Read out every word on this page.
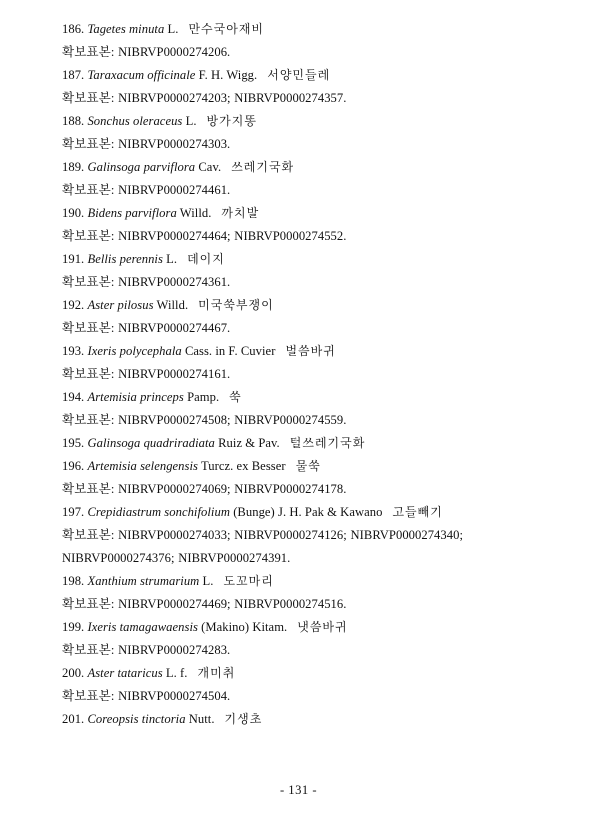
186. Tagetes minuta L. 만수국아재비
확보표본: NIBRVP0000274206.
187. Taraxacum officinale F. H. Wigg. 서양민들레
확보표본: NIBRVP0000274203; NIBRVP0000274357.
188. Sonchus oleraceus L. 방가지똥
확보표본: NIBRVP0000274303.
189. Galinsoga parviflora Cav. 쓰레기국화
확보표본: NIBRVP0000274461.
190. Bidens parviflora Willd. 까치발
확보표본: NIBRVP0000274464; NIBRVP0000274552.
191. Bellis perennis L. 데이지
확보표본: NIBRVP0000274361.
192. Aster pilosus Willd. 미국쑥부쟁이
확보표본: NIBRVP0000274467.
193. Ixeris polycephala Cass. in F. Cuvier 벌씀바귀
확보표본: NIBRVP0000274161.
194. Artemisia princeps Pamp. 쑥
확보표본: NIBRVP0000274508; NIBRVP0000274559.
195. Galinsoga quadriradiata Ruiz & Pav. 털쓰레기국화
196. Artemisia selengensis Turcz. ex Besser 물쑥
확보표본: NIBRVP0000274069; NIBRVP0000274178.
197. Crepidiastrum sonchifolium (Bunge) J. H. Pak & Kawano 고들빼기
확보표본: NIBRVP0000274033; NIBRVP0000274126; NIBRVP0000274340;
NIBRVP0000274376; NIBRVP0000274391.
198. Xanthium strumarium L. 도꼬마리
확보표본: NIBRVP0000274469; NIBRVP0000274516.
199. Ixeris tamagawaensis (Makino) Kitam. 냇씀바귀
확보표본: NIBRVP0000274283.
200. Aster tataricus L. f. 개미취
확보표본: NIBRVP0000274504.
201. Coreopsis tinctoria Nutt. 기생초
- 131 -
